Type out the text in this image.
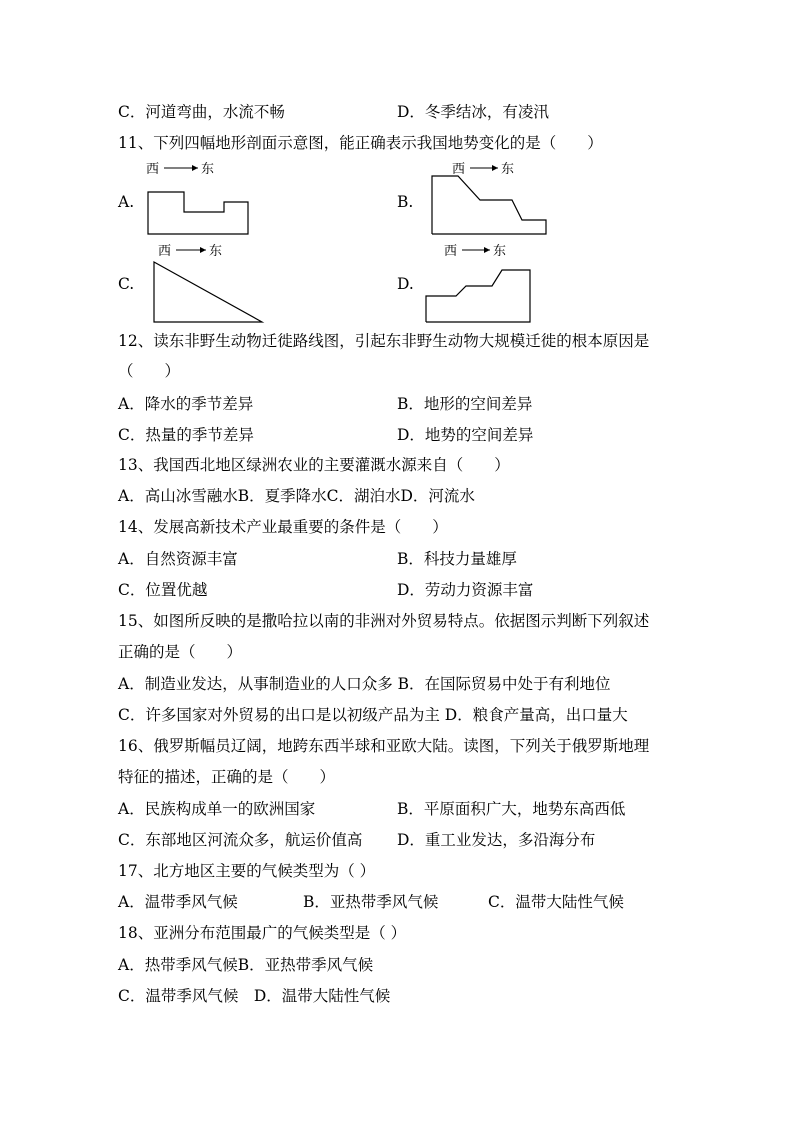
C．河道弯曲，水流不畅	D．冬季结冰，有凌汛
11、下列四幅地形剖面示意图，能正确表示我国地势变化的是（　　）
A.
西	东
B.
西	东
C.
西	东
D.
西	东
12、读东非野生动物迁徙路线图，引起东非野生动物大规模迁徙的根本原因是
（　　）
A．降水的季节差异	B．地形的空间差异
C．热量的季节差异	D．地势的空间差异
13、我国西北地区绿洲农业的主要灌溉水源来自（　　）
A．高山冰雪融水B．夏季降水C．湖泊水D．河流水
14、发展高新技术产业最重要的条件是（　　）
A．自然资源丰富	B．科技力量雄厚
C．位置优越	D．劳动力资源丰富
15、如图所反映的是撒哈拉以南的非洲对外贸易特点。依据图示判断下列叙述
正确的是（　　）
A．制造业发达，从事制造业的人口众多 B．在国际贸易中处于有利地位
C．许多国家对外贸易的出口是以初级产品为主 D．粮食产量高，出口量大
16、俄罗斯幅员辽阔，地跨东西半球和亚欧大陆。读图，下列关于俄罗斯地理
特征的描述，正确的是（　　）
A．民族构成单一的欧洲国家	B．平原面积广大，地势东高西低
C．东部地区河流众多，航运价值高 D．重工业发达，多沿海分布
17、北方地区主要的气候类型为（ ）
A．温带季风气候	B．亚热带季风气候	C．温带大陆性气候
18、亚洲分布范围最广的气候类型是（ ）
A．热带季风气候B．亚热带季风气候
C．温带季风气候　D．温带大陆性气候
